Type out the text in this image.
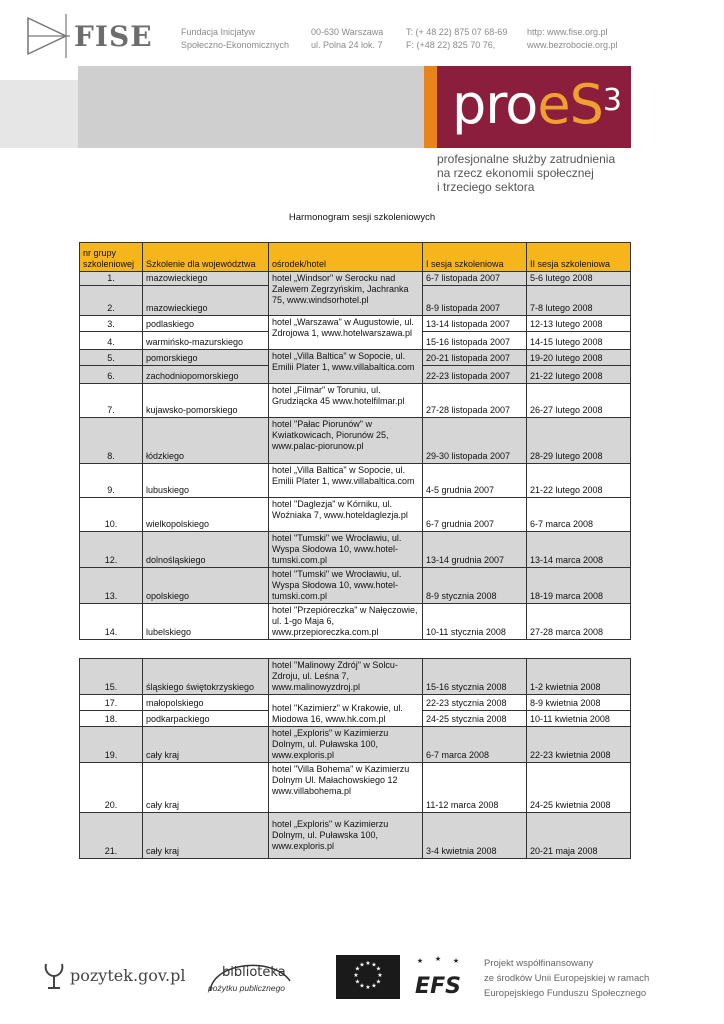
FISE	Fundacja Inicjatyw
Społeczno-Ekonomicznych
00-630 Warszawa
ul. Polna 24 lok. 7
T: (+ 48 22) 875 07 68-69
F: (+48 22) 825 70 76,
http: www.fise.org.pl
www.bezrobocie.org.pl
proeS$^3$
profesjonalne służby zatrudnienia
na rzecz ekonomii społecznej
i trzeciego sektora
Harmonogram sesji szkoleniowych
nr grupy szkoleniowej	Szkolenie dla województwa	ośrodek/hotel	I sesja szkoleniowa	II sesja szkoleniowa
1.	mazowieckiego	hotel „Windsor" w Serocku nad Zalewem Zegrzyńskim, Jachranka 75, www.windsorhotel.pl	6-7 listopada 2007	5-6 lutego 2008
2.	mazowieckiego		8-9 listopada 2007	7-8 lutego 2008
3.	podlaskiego	hotel „Warszawa" w Augustowie, ul. Zdrojowa 1, www.hotelwarszawa.pl	13-14 listopada 2007	12-13 lutego 2008
4.	warmińsko-mazurskiego		15-16 listopada 2007	14-15 lutego 2008
5.	pomorskiego	hotel „Villa Baltica" w Sopocie, ul. Emilii Plater 1, www.villabaltica.com	20-21 listopada 2007	19-20 lutego 2008
6.	zachodniopomorskiego		22-23 listopada 2007	21-22 lutego 2008
7.	kujawsko-pomorskiego	hotel „Filmar" w Toruniu, ul. Grudziącka 45 www.hotelfilmar.pl	27-28 listopada 2007	26-27 lutego 2008
8.	łódzkiego	hotel "Pałac Piorunów" w Kwiatkowicach, Piorunów 25, www.palac-piorunow.pl	29-30 listopada 2007	28-29 lutego 2008
9.	lubuskiego	hotel „Villa Baltica" w Sopocie, ul. Emilii Plater 1, www.villabaltica.com	4-5 grudnia 2007	21-22 lutego 2008
10.	wielkopolskiego	hotel "Daglezja" w Kórniku, ul. Woźniaka 7, www.hoteldaglezja.pl	6-7 grudnia 2007	6-7 marca 2008
12.	dolnośląskiego	hotel "Tumski" we Wrocławiu, ul. Wyspa Słodowa 10, www.hotel-tumski.com.pl	13-14 grudnia 2007	13-14 marca 2008
13.	opolskiego	hotel "Tumski" we Wrocławiu, ul. Wyspa Słodowa 10, www.hotel-tumski.com.pl	8-9 stycznia 2008	18-19 marca 2008
14.	lubelskiego	hotel "Przepióreczka" w Nałęczowie, ul. 1-go Maja 6, www.przepioreczka.com.pl	10-11 stycznia 2008	27-28 marca 2008
15.	śląskiego świętokrzyskiego	hotel "Malinowy Zdrój" w Solcu-Zdroju, ul. Leśna 7, www.malinowyzdroj.pl	15-16 stycznia 2008	1-2 kwietnia 2008
17.	małopolskiego	hotel "Kazimierz" w Krakowie, ul. Miodowa 16, www.hk.com.pl	22-23 stycznia 2008	8-9 kwietnia 2008
18.	podkarpackiego		24-25 stycznia 2008	10-11 kwietnia 2008
19.	cały kraj	hotel „Exploris" w Kazimierzu Dolnym, ul. Puławska 100, www.exploris.pl	6-7 marca 2008	22-23 kwietnia 2008
20.	cały kraj	hotel "Villa Bohema" w Kazimierzu Dolnym Ul. Małachowskiego 12 www.villabohema.pl	11-12 marca 2008	24-25 kwietnia 2008
21.	cały kraj	hotel „Exploris" w Kazimierzu Dolnym, ul. Puławska 100, www.exploris.pl	3-4 kwietnia 2008	20-21 maja 2008
pozytek.gov.pl	biblioteka
pożytku publicznego
★ ★
★
★
★
★
★
★
★
★
★
★	★ ★ ★
EFS
Projekt współfinansowany
ze środków Unii Europejskiej w ramach
Europejskiego Funduszu Społecznego
